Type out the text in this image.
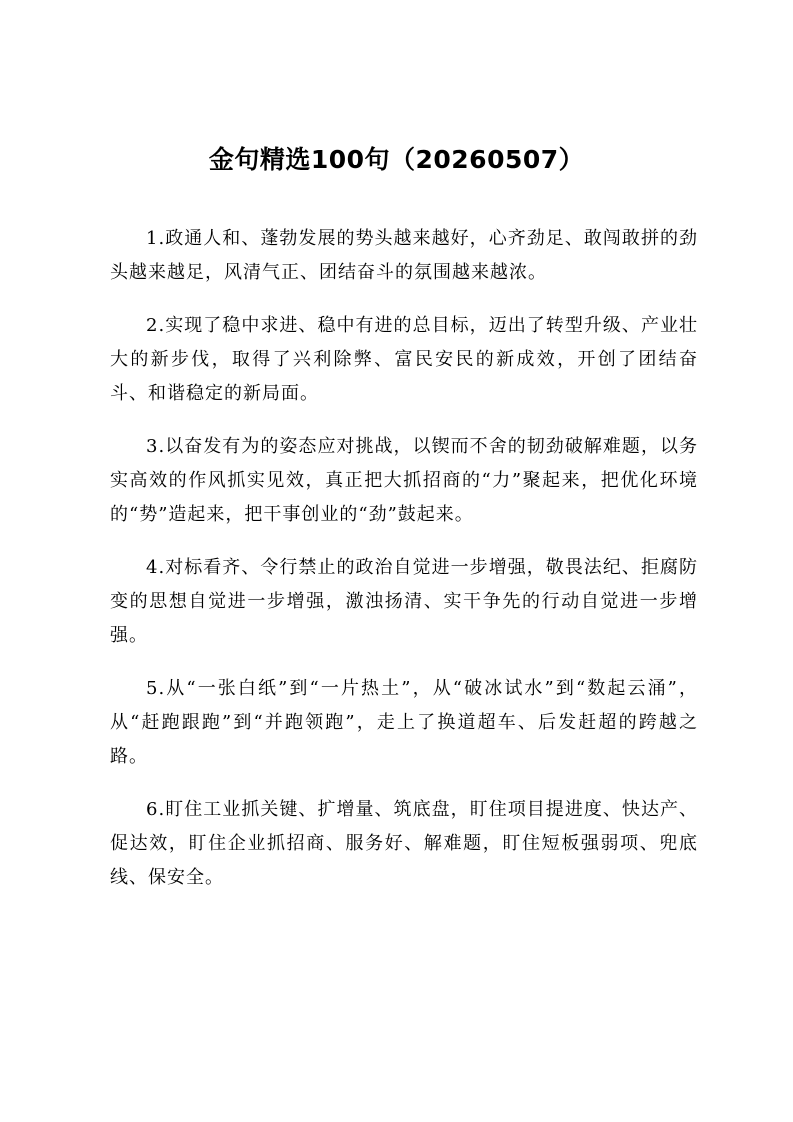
金句精选100句（20260507）

1.政通人和、蓬勃发展的势头越来越好，心齐劲足、敢闯敢拼的劲头越来越足，风清气正、团结奋斗的氛围越来越浓。

2.实现了稳中求进、稳中有进的总目标，迈出了转型升级、产业壮大的新步伐，取得了兴利除弊、富民安民的新成效，开创了团结奋斗、和谐稳定的新局面。

3.以奋发有为的姿态应对挑战，以锲而不舍的韧劲破解难题，以务实高效的作风抓实见效，真正把大抓招商的“力”聚起来，把优化环境的“势”造起来，把干事创业的“劲”鼓起来。

4.对标看齐、令行禁止的政治自觉进一步增强，敬畏法纪、拒腐防变的思想自觉进一步增强，激浊扬清、实干争先的行动自觉进一步增强。

5.从“一张白纸”到“一片热土”，从“破冰试水”到“数起云涌”，从“赶跑跟跑”到“并跑领跑”，走上了换道超车、后发赶超的跨越之路。

6.盯住工业抓关键、扩增量、筑底盘，盯住项目提进度、快达产、促达效，盯住企业抓招商、服务好、解难题，盯住短板强弱项、兜底线、保安全。
